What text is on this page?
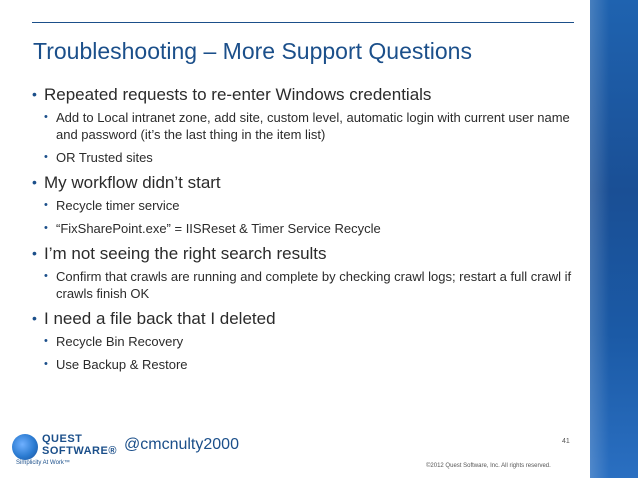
Troubleshooting – More Support Questions
• Repeated requests to re-enter Windows credentials
• Add to Local intranet zone, add site, custom level, automatic login with current user name and password (it’s the last thing in the item list)
• OR Trusted sites
• My workflow didn’t start
• Recycle timer service
• “FixSharePoint.exe” = IISReset & Timer Service Recycle
• I’m not seeing the right search results
• Confirm that crawls are running and complete by checking crawl logs; restart a full crawl if crawls finish OK
• I need a file back that I deleted
• Recycle Bin Recovery
• Use Backup & Restore
41
QUEST
SOFTWARE®
Simplicity At Work™
@cmcnulty2000
©2012 Quest Software, Inc. All rights reserved.
